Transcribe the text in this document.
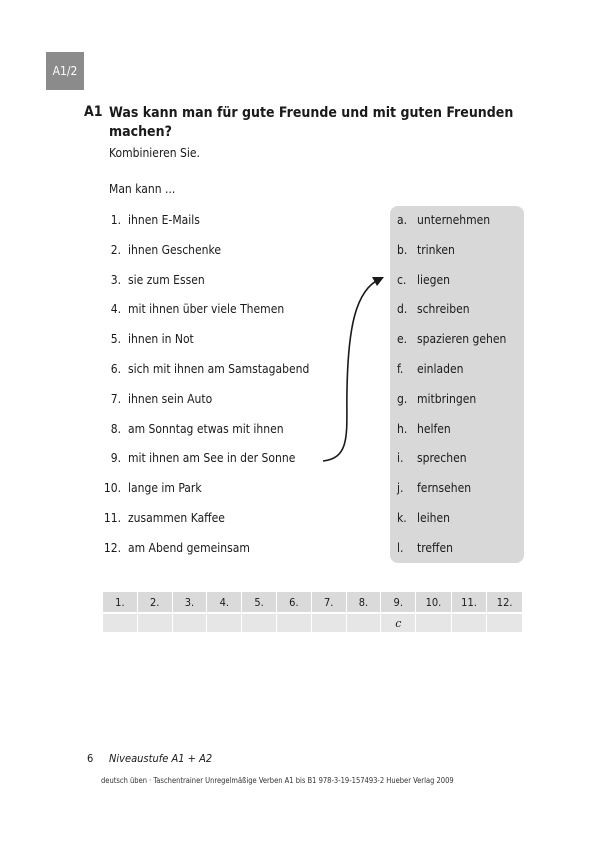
A1/2
A1 Was kann man für gute Freunde und mit guten Freunden machen?
Kombinieren Sie.
Man kann ...
1. ihnen E-Mails
2. ihnen Geschenke
3. sie zum Essen
4. mit ihnen über viele Themen
5. ihnen in Not
6. sich mit ihnen am Samstagabend
7. ihnen sein Auto
8. am Sonntag etwas mit ihnen
9. mit ihnen am See in der Sonne
10. lange im Park
11. zusammen Kaffee
12. am Abend gemeinsam
a. unternehmen
b. trinken
c. liegen
d. schreiben
e. spazieren gehen
f. einladen
g. mitbringen
h. helfen
i. sprechen
j. fernsehen
k. leihen
l. treffen
1.	2.	3.	4.	5.	6.	7.	8.	9.	10.	11.	12.
								c			
6 Niveaustufe A1 + A2
deutsch üben · Taschentrainer Unregelmäßige Verben A1 bis B1 978-3-19-157493-2 Hueber Verlag 2009
